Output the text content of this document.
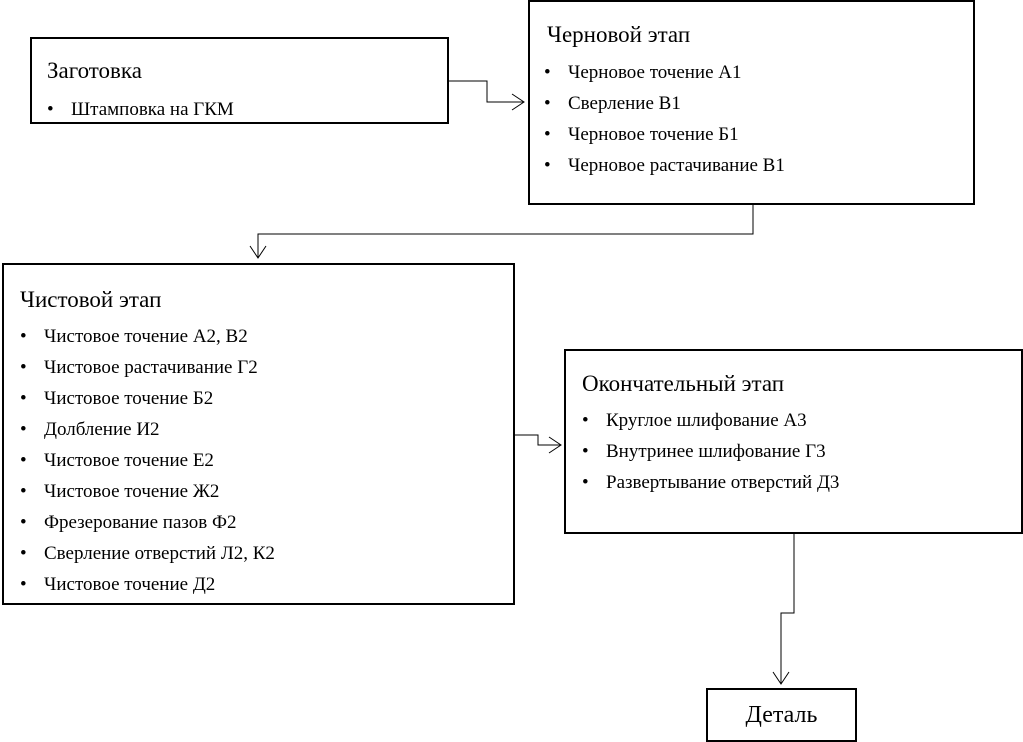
Заготовка
• Штамповка на ГКМ
Черновой этап
• Черновое точение А1
• Сверление В1
• Черновое точение Б1
• Черновое растачивание В1
Чистовой этап
• Чистовое точение А2, В2
• Чистовое растачивание Г2
• Чистовое точение Б2
• Долбление И2
• Чистовое точение Е2
• Чистовое точение Ж2
• Фрезерование пазов Ф2
• Сверление отверстий Л2, К2
• Чистовое точение Д2
Окончательный этап
• Круглое шлифование А3
• Внутринее шлифование Г3
• Развертывание отверстий Д3
Деталь
